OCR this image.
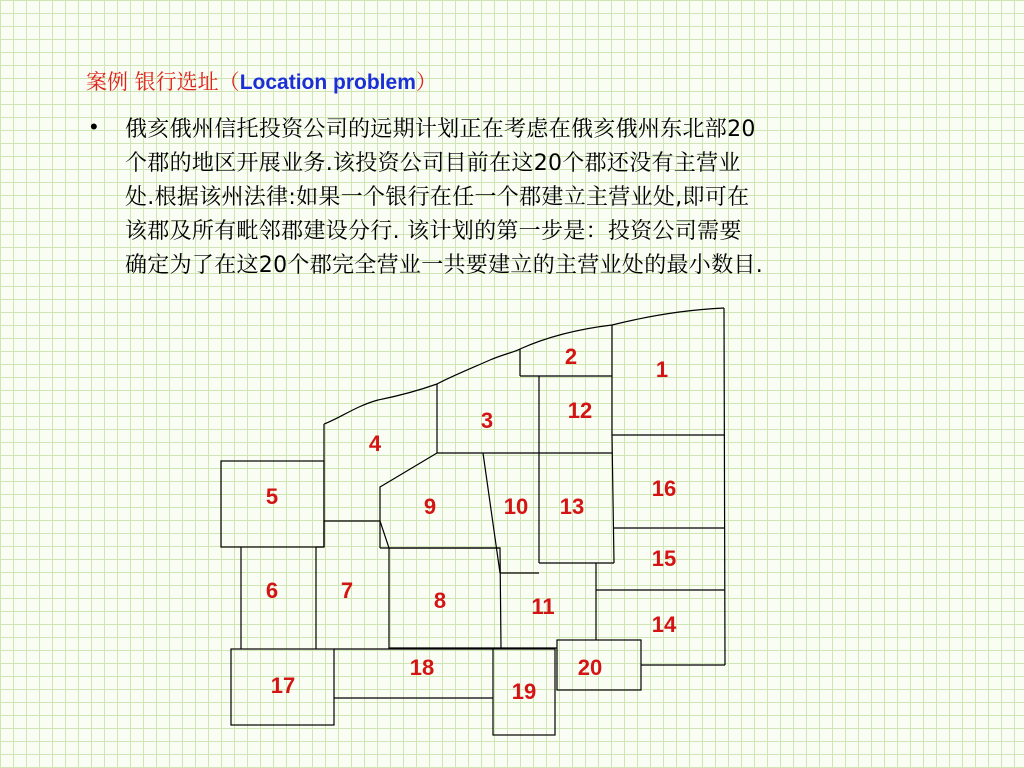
案例 银行选址（Location problem）
• 俄亥俄州信托投资公司的远期计划正在考虑在俄亥俄州东北部20
个郡的地区开展业务.该投资公司目前在这20个郡还没有主营业
处.根据该州法律:如果一个银行在任一个郡建立主营业处,即可在
该郡及所有毗邻郡建设分行. 该计划的第一步是：投资公司需要
确定为了在这20个郡完全营业一共要建立的主营业处的最小数目.
1
2
3
4
5
6	7	8
9	10
11
12
13
14
15
16
17
18
19
20
